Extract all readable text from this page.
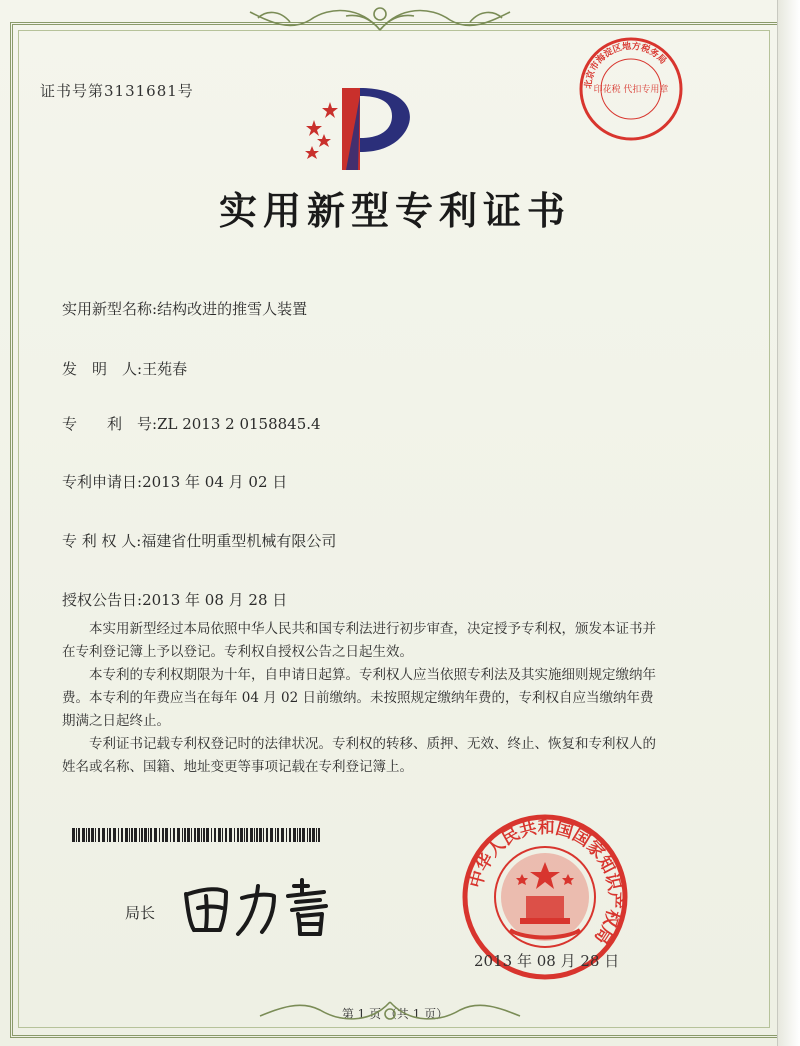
证书号第3131681号
实用新型专利证书
实用新型名称:结构改进的推雪人装置
发　明　人:王苑春
专　　利　号:ZL 2013 2 0158845.4
专利申请日:2013 年 04 月 02 日
专 利 权 人:福建省仕明重型机械有限公司
授权公告日:2013 年 08 月 28 日

本实用新型经过本局依照中华人民共和国专利法进行初步审查，决定授予专利权，颁发本证书并在专利登记簿上予以登记。专利权自授权公告之日起生效。

本专利的专利权期限为十年，自申请日起算。专利权人应当依照专利法及其实施细则规定缴纳年费。本专利的年费应当在每年 04 月 02 日前缴纳。未按照规定缴纳年费的，专利权自应当缴纳年费期满之日起终止。

专利证书记载专利权登记时的法律状况。专利权的转移、质押、无效、终止、恢复和专利权人的姓名或名称、国籍、地址变更等事项记载在专利登记簿上。

局长
中华人民共和国国家知识产权局
2013 年 08 月 28 日
北京市海淀区地方税务局
印花税 代扣专用章
第 1 页 （共 1 页）
